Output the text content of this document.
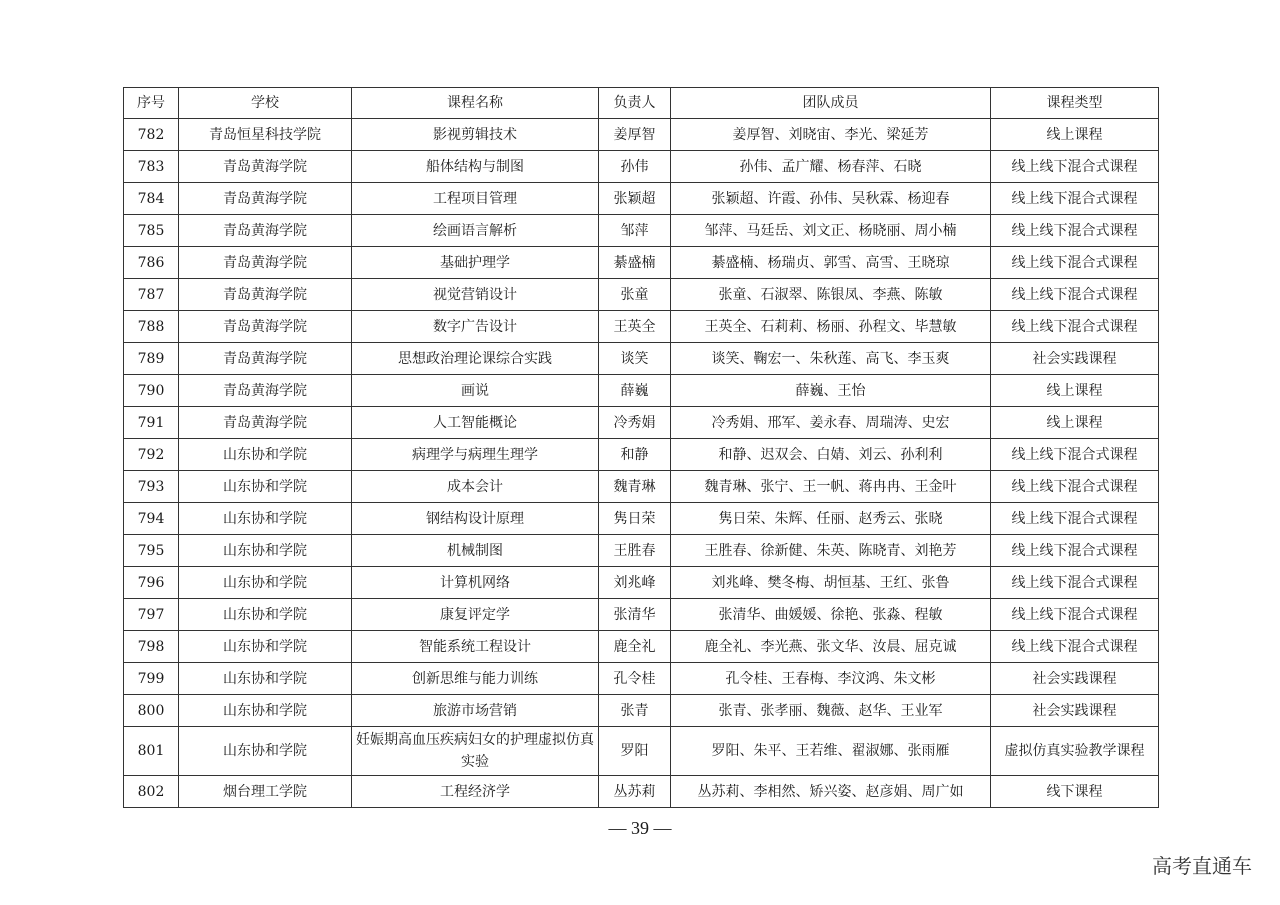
序号	学校	课程名称	负责人	团队成员	课程类型
782	青岛恒星科技学院	影视剪辑技术	姜厚智	姜厚智、刘晓宙、李光、梁延芳	线上课程
783	青岛黄海学院	船体结构与制图	孙伟	孙伟、孟广耀、杨春萍、石晓	线上线下混合式课程
784	青岛黄海学院	工程项目管理	张颖超	张颖超、许霞、孙伟、吴秋霖、杨迎春	线上线下混合式课程
785	青岛黄海学院	绘画语言解析	邹萍	邹萍、马廷岳、刘文正、杨晓丽、周小楠	线上线下混合式课程
786	青岛黄海学院	基础护理学	綦盛楠	綦盛楠、杨瑞贞、郭雪、高雪、王晓琼	线上线下混合式课程
787	青岛黄海学院	视觉营销设计	张童	张童、石淑翠、陈银凤、李燕、陈敏	线上线下混合式课程
788	青岛黄海学院	数字广告设计	王英全	王英全、石莉莉、杨丽、孙程文、毕慧敏	线上线下混合式课程
789	青岛黄海学院	思想政治理论课综合实践	谈笑	谈笑、鞠宏一、朱秋莲、高飞、李玉爽	社会实践课程
790	青岛黄海学院	画说	薛巍	薛巍、王怡	线上课程
791	青岛黄海学院	人工智能概论	冷秀娟	冷秀娟、邢军、姜永春、周瑞涛、史宏	线上课程
792	山东协和学院	病理学与病理生理学	和静	和静、迟双会、白婧、刘云、孙利利	线上线下混合式课程
793	山东协和学院	成本会计	魏青琳	魏青琳、张宁、王一帆、蒋冉冉、王金叶	线上线下混合式课程
794	山东协和学院	钢结构设计原理	隽日荣	隽日荣、朱辉、任丽、赵秀云、张晓	线上线下混合式课程
795	山东协和学院	机械制图	王胜春	王胜春、徐新健、朱英、陈晓青、刘艳芳	线上线下混合式课程
796	山东协和学院	计算机网络	刘兆峰	刘兆峰、樊冬梅、胡恒基、王红、张鲁	线上线下混合式课程
797	山东协和学院	康复评定学	张清华	张清华、曲媛媛、徐艳、张淼、程敏	线上线下混合式课程
798	山东协和学院	智能系统工程设计	鹿全礼	鹿全礼、李光燕、张文华、汝晨、屈克诚	线上线下混合式课程
799	山东协和学院	创新思维与能力训练	孔令桂	孔令桂、王春梅、李汶鸿、朱文彬	社会实践课程
800	山东协和学院	旅游市场营销	张青	张青、张孝丽、魏薇、赵华、王业军	社会实践课程
801	山东协和学院	妊娠期高血压疾病妇女的护理虚拟仿真实验	罗阳	罗阳、朱平、王若维、翟淑娜、张雨雁	虚拟仿真实验教学课程
802	烟台理工学院	工程经济学	丛苏莉	丛苏莉、李相然、矫兴姿、赵彦娟、周广如	线下课程
— 39 —
高考直通车
